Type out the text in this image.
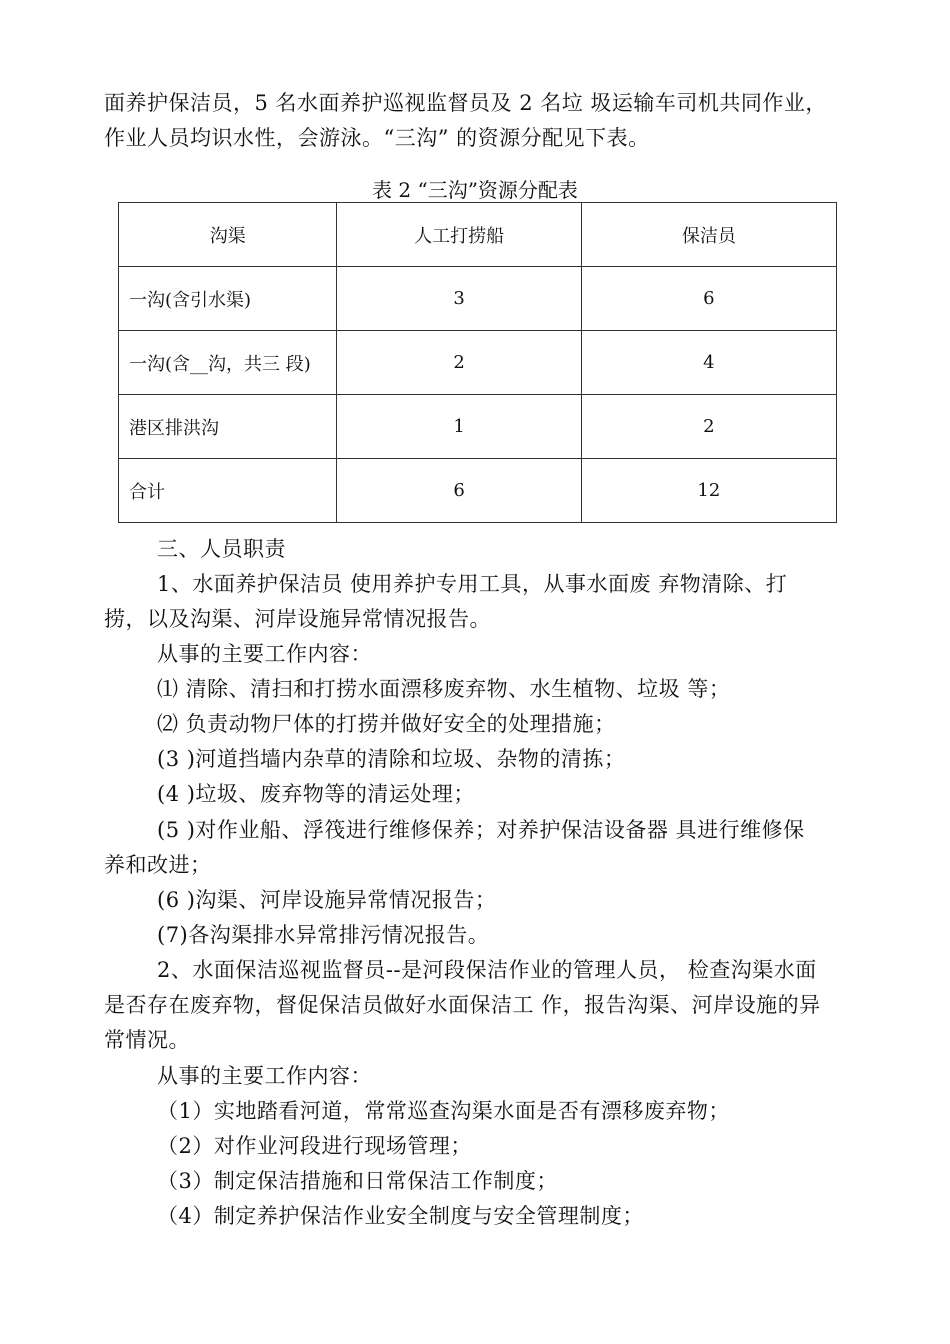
面养护保洁员，5 名水面养护巡视监督员及 2 名垃 圾运输车司机共同作业，
作业人员均识水性，会游泳。“三沟” 的资源分配见下表。
表 2 “三沟”资源分配表
沟渠	人工打捞船	保洁员
一沟(含引水渠)	3	6
一沟(含__沟，共三 段)	2	4
港区排洪沟	1	2
合计	6	12
三、人员职责
1、水面养护保洁员 使用养护专用工具，从事水面废 弃物清除、打
捞，以及沟渠、河岸设施异常情况报告。
从事的主要工作内容：
⑴ 清除、清扫和打捞水面漂移废弃物、水生植物、垃圾 等；
⑵ 负责动物尸体的打捞并做好安全的处理措施；
(3 )河道挡墙内杂草的清除和垃圾、杂物的清拣；
(4 )垃圾、废弃物等的清运处理；
(5 )对作业船、浮筏进行维修保养；对养护保洁设备器 具进行维修保
养和改进；
(6 )沟渠、河岸设施异常情况报告；
(7)各沟渠排水异常排污情况报告。
2、水面保洁巡视监督员--是河段保洁作业的管理人员， 检查沟渠水面
是否存在废弃物，督促保洁员做好水面保洁工 作，报告沟渠、河岸设施的异
常情况。
从事的主要工作内容：
（1）实地踏看河道，常常巡查沟渠水面是否有漂移废弃物；
（2）对作业河段进行现场管理；
（3）制定保洁措施和日常保洁工作制度；
（4）制定养护保洁作业安全制度与安全管理制度；
